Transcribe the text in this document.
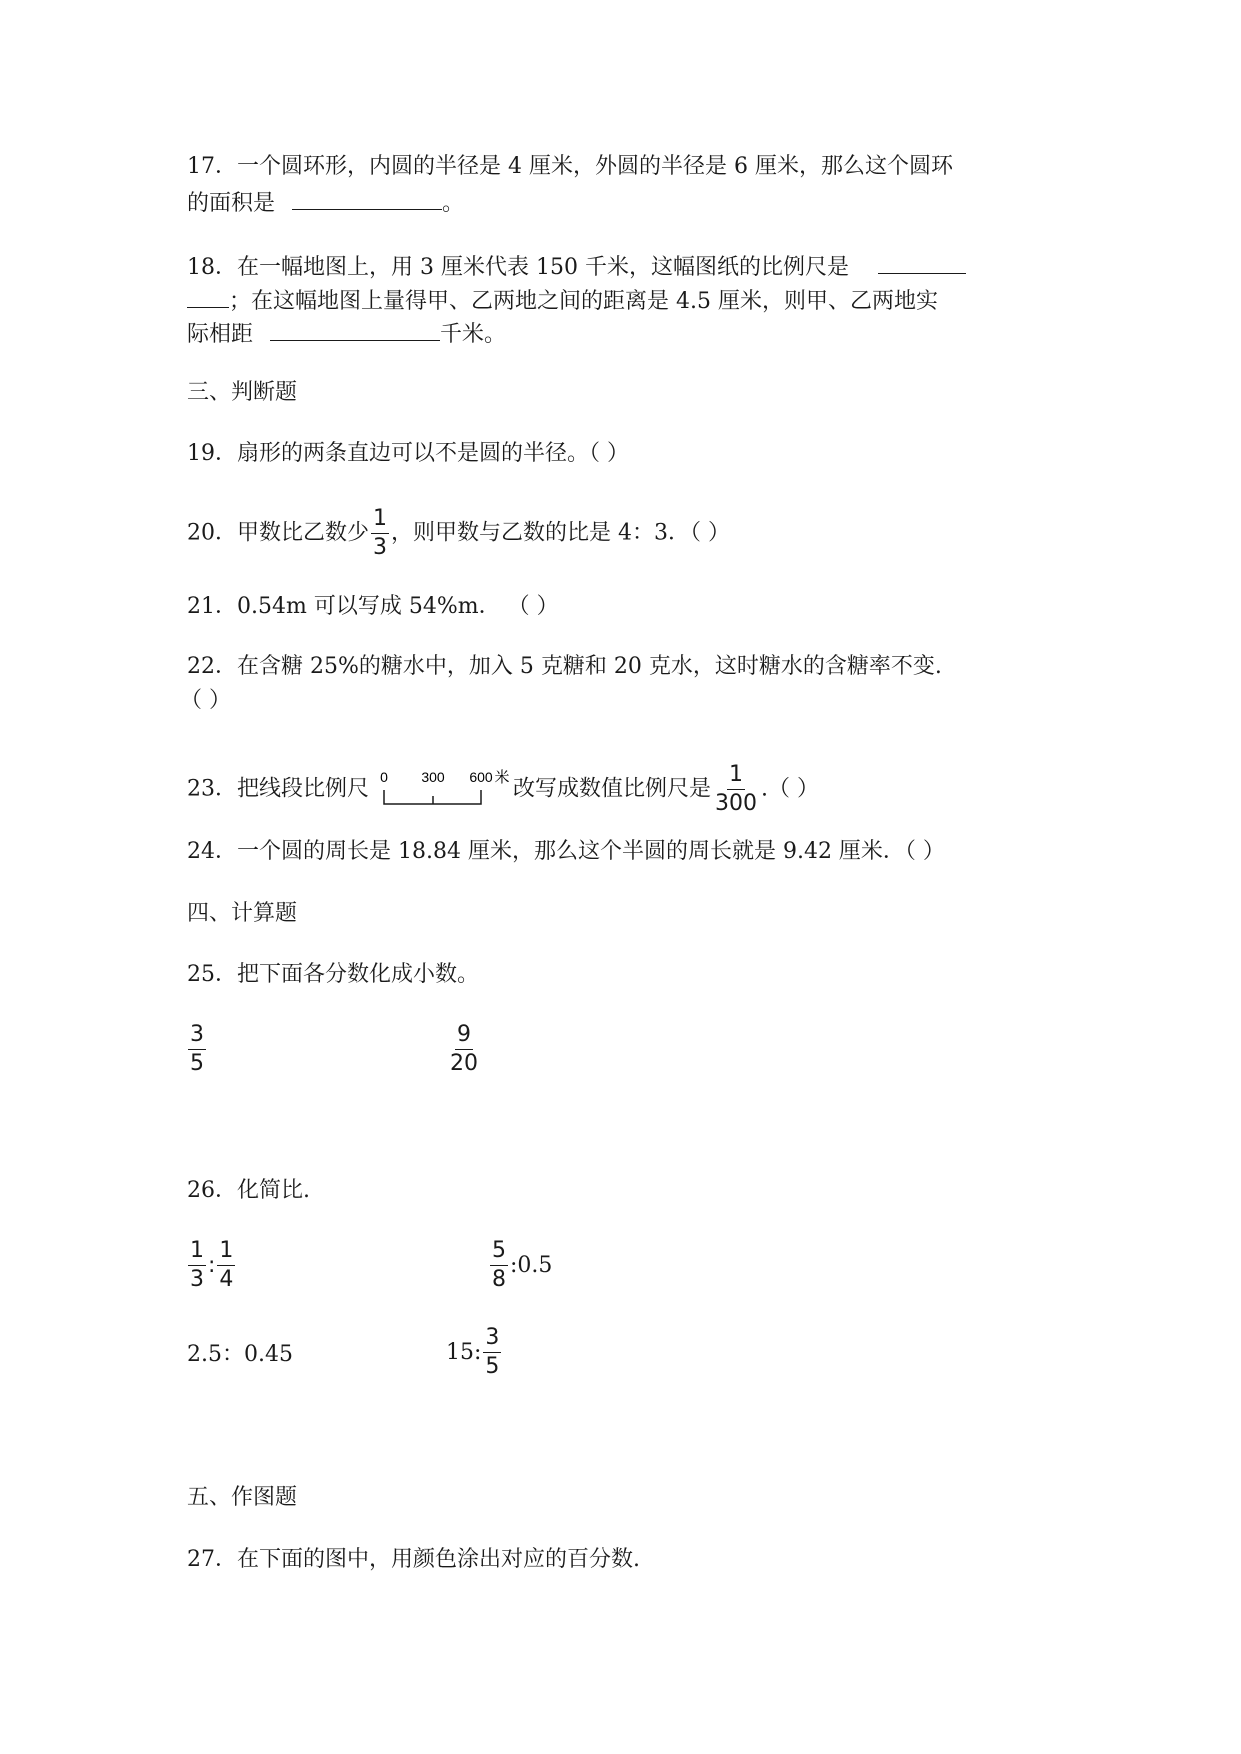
17．一个圆环形，内圆的半径是 4 厘米，外圆的半径是 6 厘米，那么这个圆环
的面积是	。
18．在一幅地图上，用 3 厘米代表 150 千米，这幅图纸的比例尺是
；在这幅地图上量得甲、乙两地之间的距离是 4.5 厘米，则甲、乙两地实
际相距	千米。
三、判断题
19．扇形的两条直边可以不是圆的半径。（ ）
20．甲数比乙数少 $\frac{1}{3}$ ，则甲数与乙数的比是 4：3．（ ）
21．0.54m 可以写成 54%m． （ ）
22．在含糖 25%的糖水中，加入 5 克糖和 20 克水，这时糖水的含糖率不变.
（ ）
23．把线段比例尺 0 300 600 米 改写成数值比例尺是 $\frac{1}{300}$ .（ ）
24．一个圆的周长是 18.84 厘米，那么这个半圆的周长就是 9.42 厘米．（ ）
四、计算题
25．把下面各分数化成小数。
$\frac{3}{5}$	$\frac{9}{20}$
26．化简比.
$\frac{1}{3}$ : $\frac{1}{4}$	$\frac{5}{8}$ :0.5
2.5：0.45	15: $\frac{3}{5}$
五、作图题
27．在下面的图中，用颜色涂出对应的百分数.
